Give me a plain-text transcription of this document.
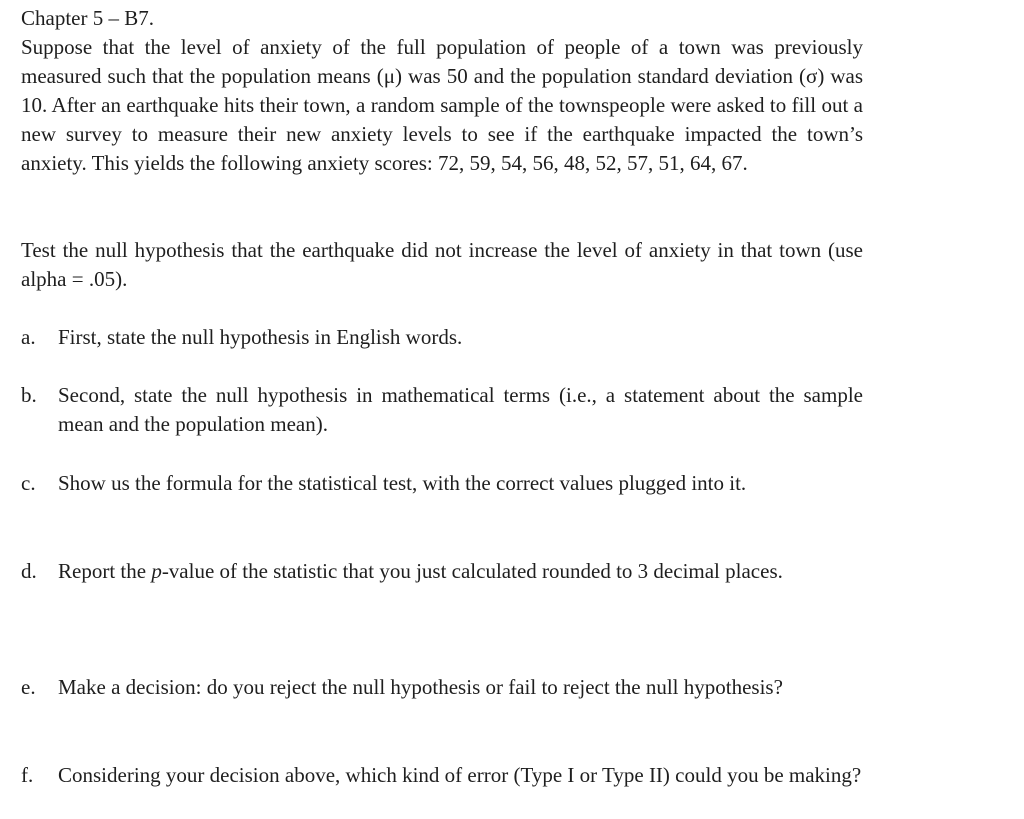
Chapter 5 – B7.

Suppose that the level of anxiety of the full population of people of a town was previously measured such that the population means (μ) was 50 and the population standard deviation (σ) was 10. After an earthquake hits their town, a random sample of the townspeople were asked to fill out a new survey to measure their new anxiety levels to see if the earthquake impacted the town’s anxiety. This yields the following anxiety scores: 72, 59, 54, 56, 48, 52, 57, 51, 64, 67.

Test the null hypothesis that the earthquake did not increase the level of anxiety in that town (use alpha = .05).

a.	First, state the null hypothesis in English words.
b.	Second, state the null hypothesis in mathematical terms (i.e., a statement about the sample mean and the population mean).
c.	Show us the formula for the statistical test, with the correct values plugged into it.
d.	Report the p-value of the statistic that you just calculated rounded to 3 decimal places.
e.	Make a decision: do you reject the null hypothesis or fail to reject the null hypothesis?
f.	Considering your decision above, which kind of error (Type I or Type II) could you be making?
